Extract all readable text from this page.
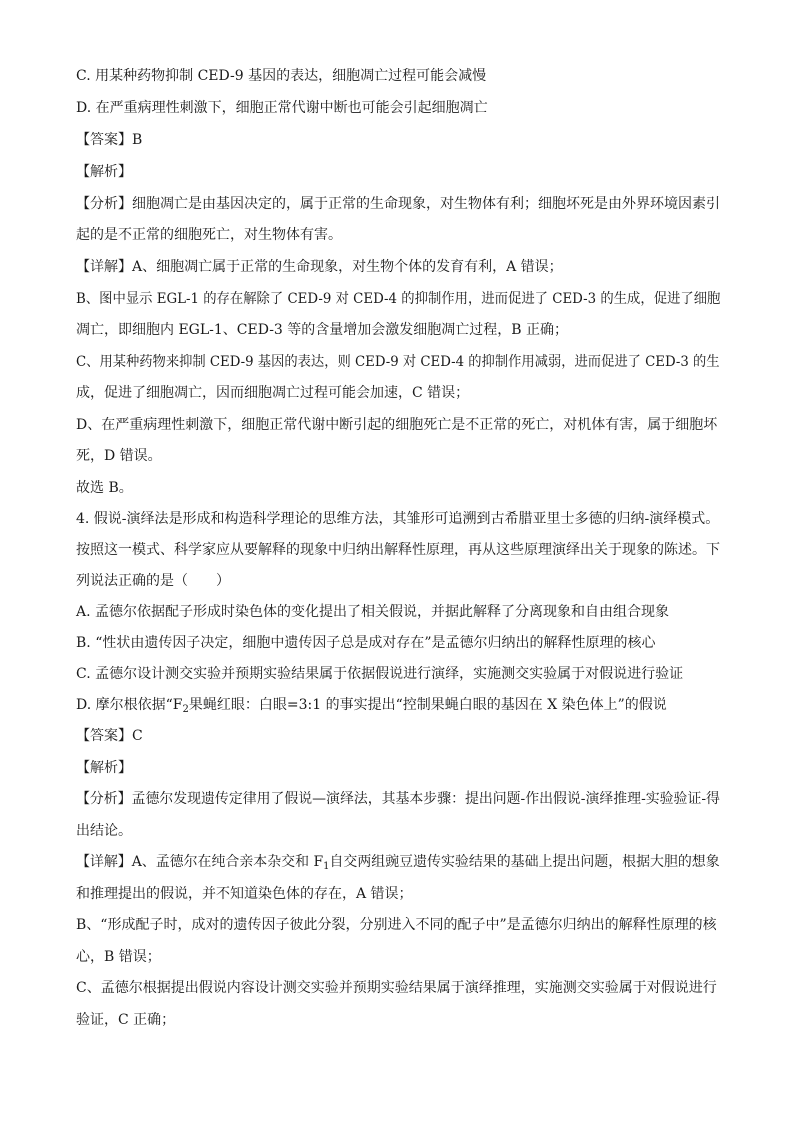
C. 用某种药物抑制 CED-9 基因的表达，细胞凋亡过程可能会减慢
D. 在严重病理性刺激下，细胞正常代谢中断也可能会引起细胞凋亡
【答案】B
【解析】
【分析】细胞凋亡是由基因决定的，属于正常的生命现象，对生物体有利；细胞坏死是由外界环境因素引
起的是不正常的细胞死亡，对生物体有害。
【详解】A、细胞凋亡属于正常的生命现象，对生物个体的发育有利，A 错误；
B、图中显示 EGL-1 的存在解除了 CED-9 对 CED-4 的抑制作用，进而促进了 CED-3 的生成，促进了细胞
凋亡，即细胞内 EGL-1、CED-3 等的含量增加会激发细胞凋亡过程，B 正确；
C、用某种药物来抑制 CED-9 基因的表达，则 CED-9 对 CED-4 的抑制作用减弱，进而促进了 CED-3 的生
成，促进了细胞凋亡，因而细胞凋亡过程可能会加速，C 错误；
D、在严重病理性刺激下，细胞正常代谢中断引起的细胞死亡是不正常的死亡，对机体有害，属于细胞坏
死，D 错误。
故选 B。
4. 假说-演绎法是形成和构造科学理论的思维方法，其雏形可追溯到古希腊亚里士多德的归纳-演绎模式。
按照这一模式、科学家应从要解释的现象中归纳出解释性原理，再从这些原理演绎出关于现象的陈述。下
列说法正确的是（　　）
A. 孟德尔依据配子形成时染色体的变化提出了相关假说，并据此解释了分离现象和自由组合现象
B. “性状由遗传因子决定，细胞中遗传因子总是成对存在”是孟德尔归纳出的解释性原理的核心
C. 孟德尔设计测交实验并预期实验结果属于依据假说进行演绎，实施测交实验属于对假说进行验证
D. 摩尔根依据“$F_2$果蝇红眼：白眼=3:1 的事实提出“控制果蝇白眼的基因在 X 染色体上”的假说
【答案】C
【解析】
【分析】孟德尔发现遗传定律用了假说—演绎法，其基本步骤：提出问题-作出假说-演绎推理-实验验证-得
出结论。
【详解】A、孟德尔在纯合亲本杂交和 $F_1$自交两组豌豆遗传实验结果的基础上提出问题，根据大胆的想象
和推理提出的假说，并不知道染色体的存在，A 错误；
B、“形成配子时，成对的遗传因子彼此分裂，分别进入不同的配子中”是孟德尔归纳出的解释性原理的核
心，B 错误；
C、孟德尔根据提出假说内容设计测交实验并预期实验结果属于演绎推理，实施测交实验属于对假说进行
验证，C 正确；
